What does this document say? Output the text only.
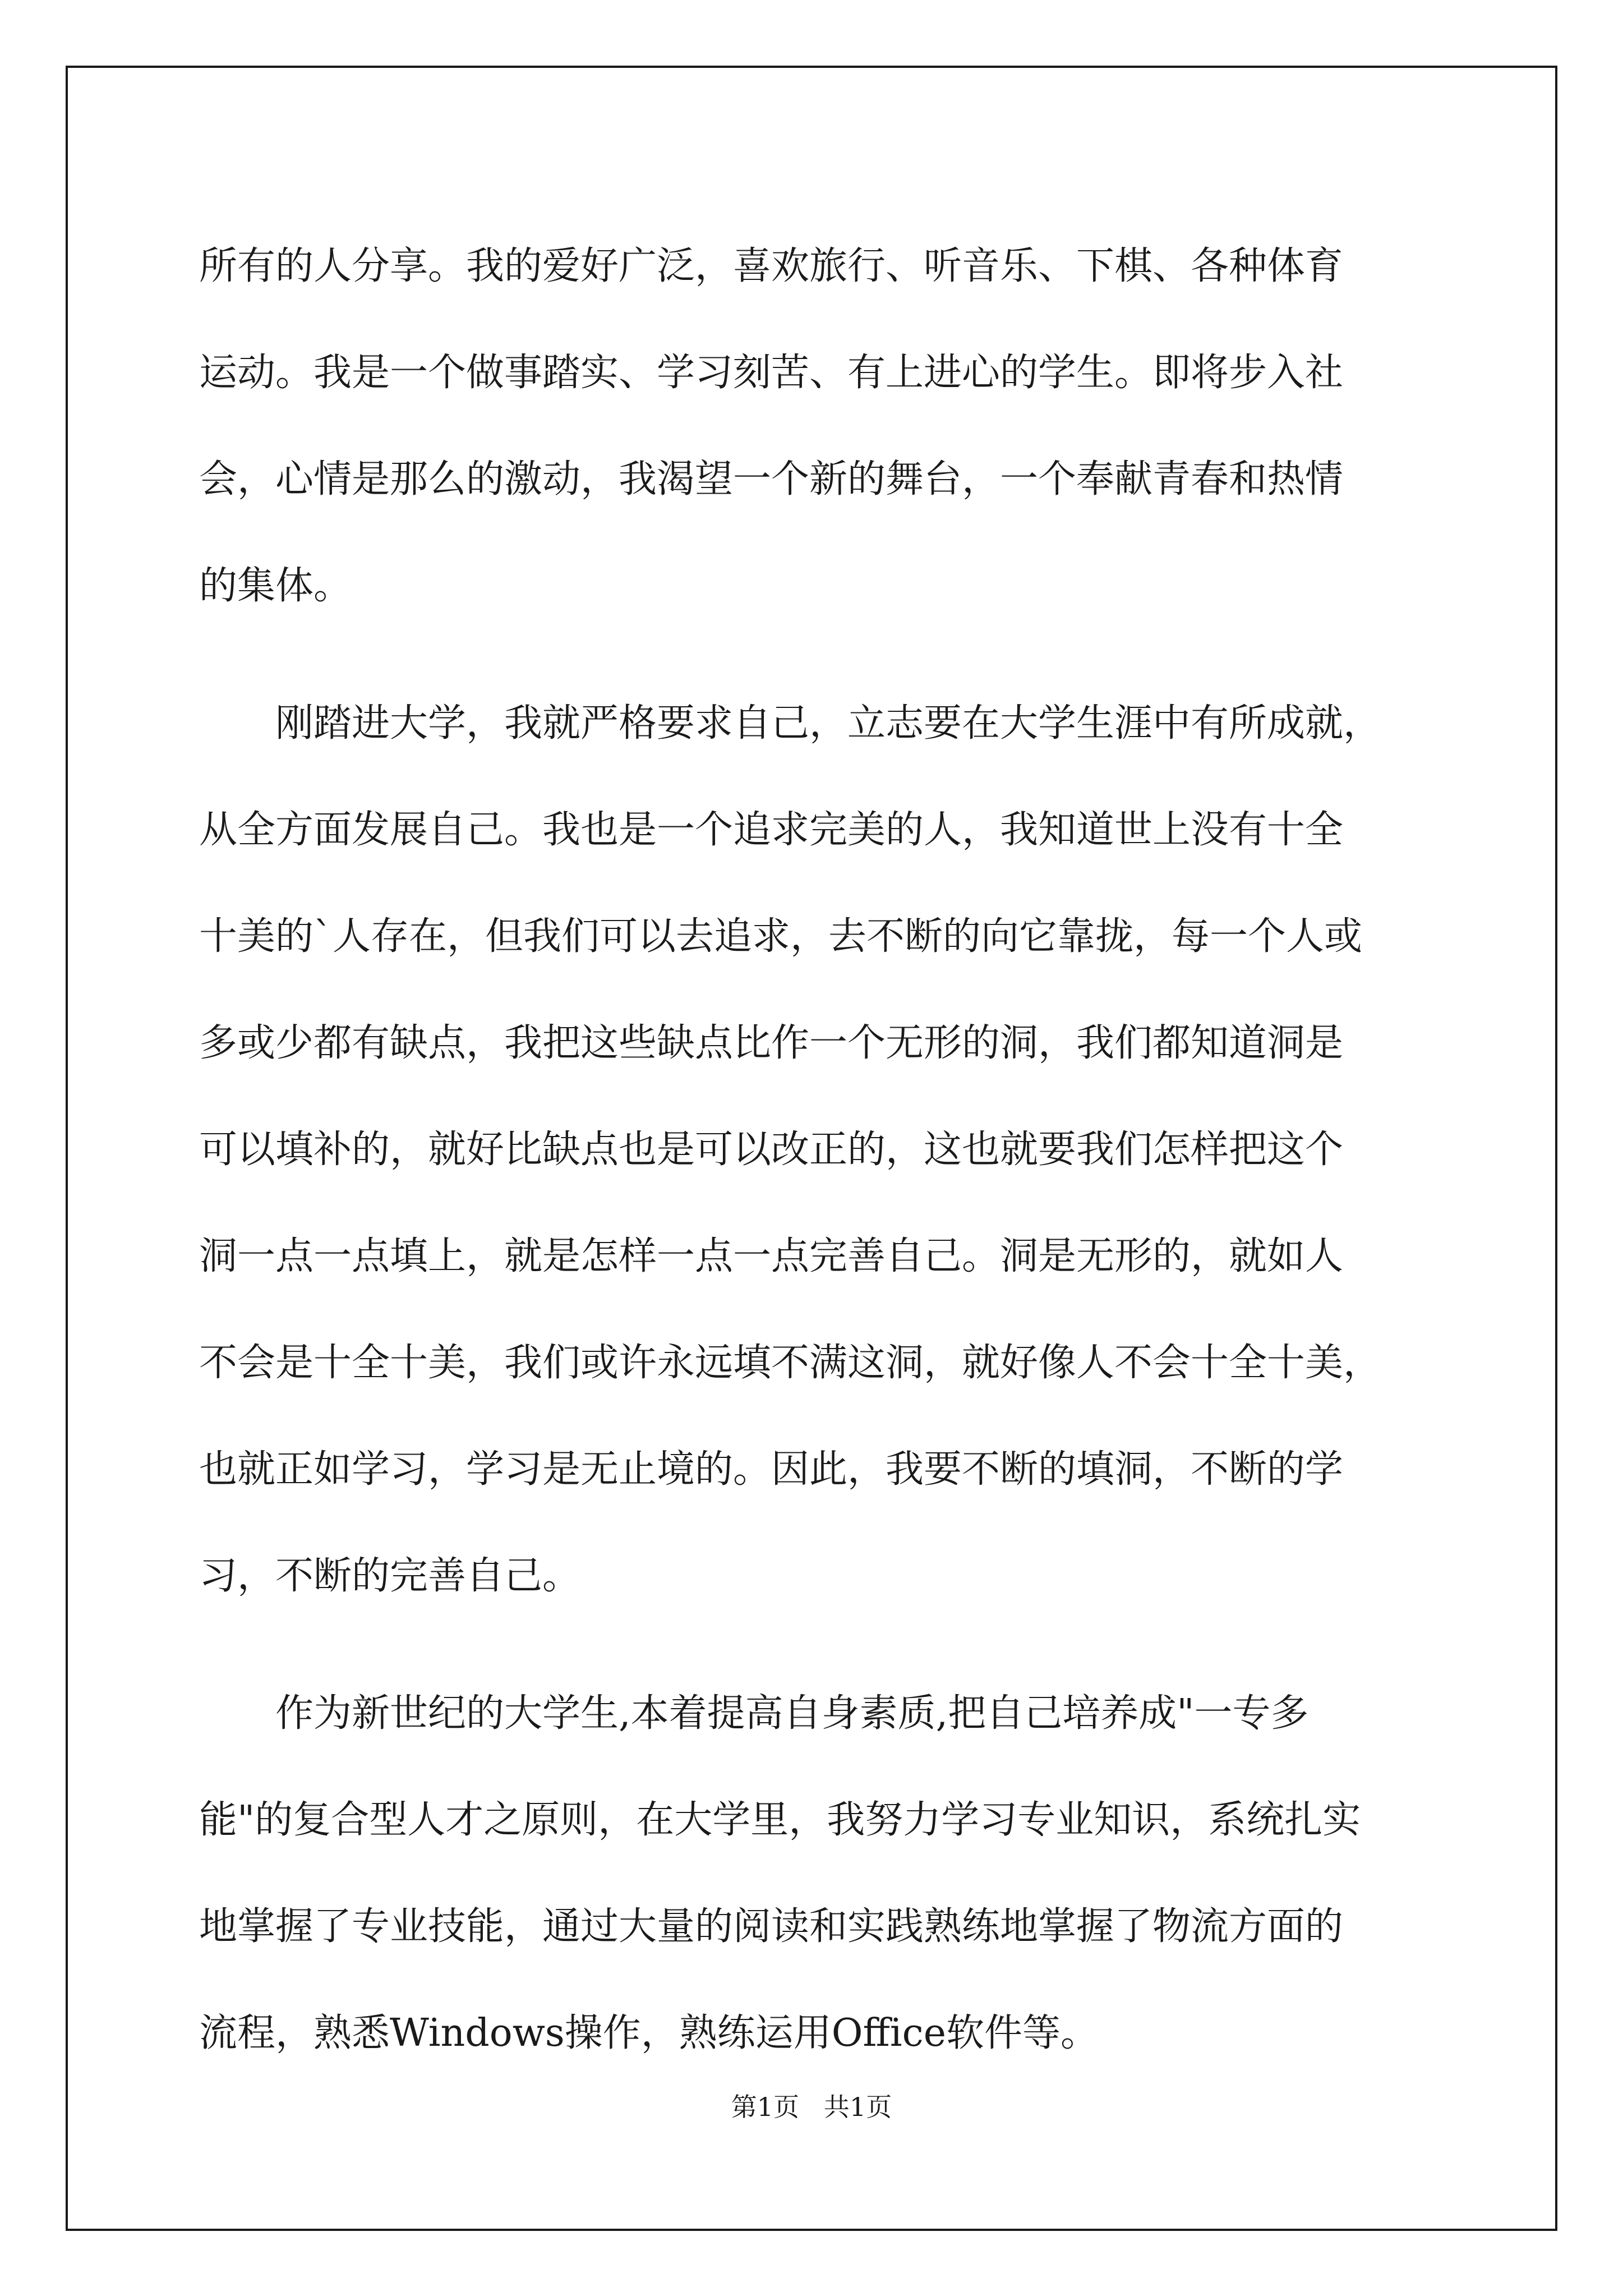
所有的人分享。我的爱好广泛，喜欢旅行、听音乐、下棋、各种体育
运动。我是一个做事踏实、学习刻苦、有上进心的学生。即将步入社
会，心情是那么的激动，我渴望一个新的舞台，一个奉献青春和热情
的集体。
　　刚踏进大学，我就严格要求自己，立志要在大学生涯中有所成就，
从全方面发展自己。我也是一个追求完美的人，我知道世上没有十全
十美的`人存在，但我们可以去追求，去不断的向它靠拢，每一个人或
多或少都有缺点，我把这些缺点比作一个无形的洞，我们都知道洞是
可以填补的，就好比缺点也是可以改正的，这也就要我们怎样把这个
洞一点一点填上，就是怎样一点一点完善自己。洞是无形的，就如人
不会是十全十美，我们或许永远填不满这洞，就好像人不会十全十美，
也就正如学习，学习是无止境的。因此，我要不断的填洞，不断的学
习，不断的完善自己。
　　作为新世纪的大学生,本着提高自身素质,把自己培养成"一专多
能"的复合型人才之原则，在大学里，我努力学习专业知识，系统扎实
地掌握了专业技能，通过大量的阅读和实践熟练地掌握了物流方面的
流程，熟悉Windows操作，熟练运用Office软件等。
第1页   共1页
